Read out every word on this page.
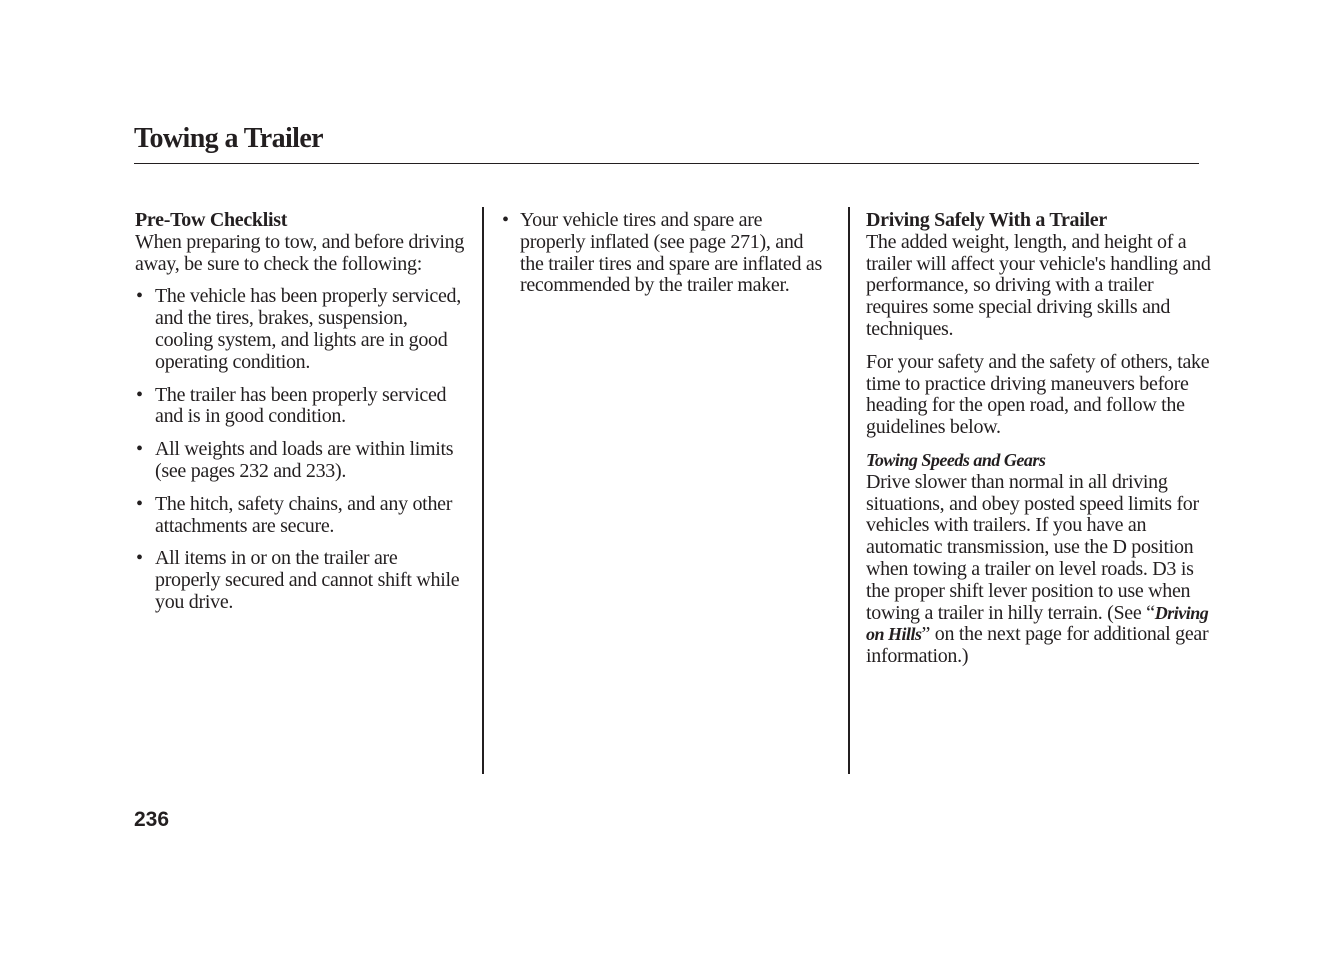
Towing a Trailer
Pre-Tow Checklist

When preparing to tow, and before driving away, be sure to check the following:

• The vehicle has been properly serviced, and the tires, brakes, suspension, cooling system, and lights are in good operating condition.
• The trailer has been properly serviced and is in good condition.
• All weights and loads are within limits (see pages 232 and 233).
• The hitch, safety chains, and any other attachments are secure.
• All items in or on the trailer are properly secured and cannot shift while you drive.
• Your vehicle tires and spare are properly inflated (see page 271), and the trailer tires and spare are inflated as recommended by the trailer maker.
Driving Safely With a Trailer

The added weight, length, and height of a trailer will affect your vehicle's handling and performance, so driving with a trailer requires some special driving skills and techniques.

For your safety and the safety of others, take time to practice driving maneuvers before heading for the open road, and follow the guidelines below.

Towing Speeds and Gears

Drive slower than normal in all driving situations, and obey posted speed limits for vehicles with trailers. If you have an automatic transmission, use the D position when towing a trailer on level roads. D3 is the proper shift lever position to use when towing a trailer in hilly terrain. (See “Driving on Hills” on the next page for additional gear information.)

236
